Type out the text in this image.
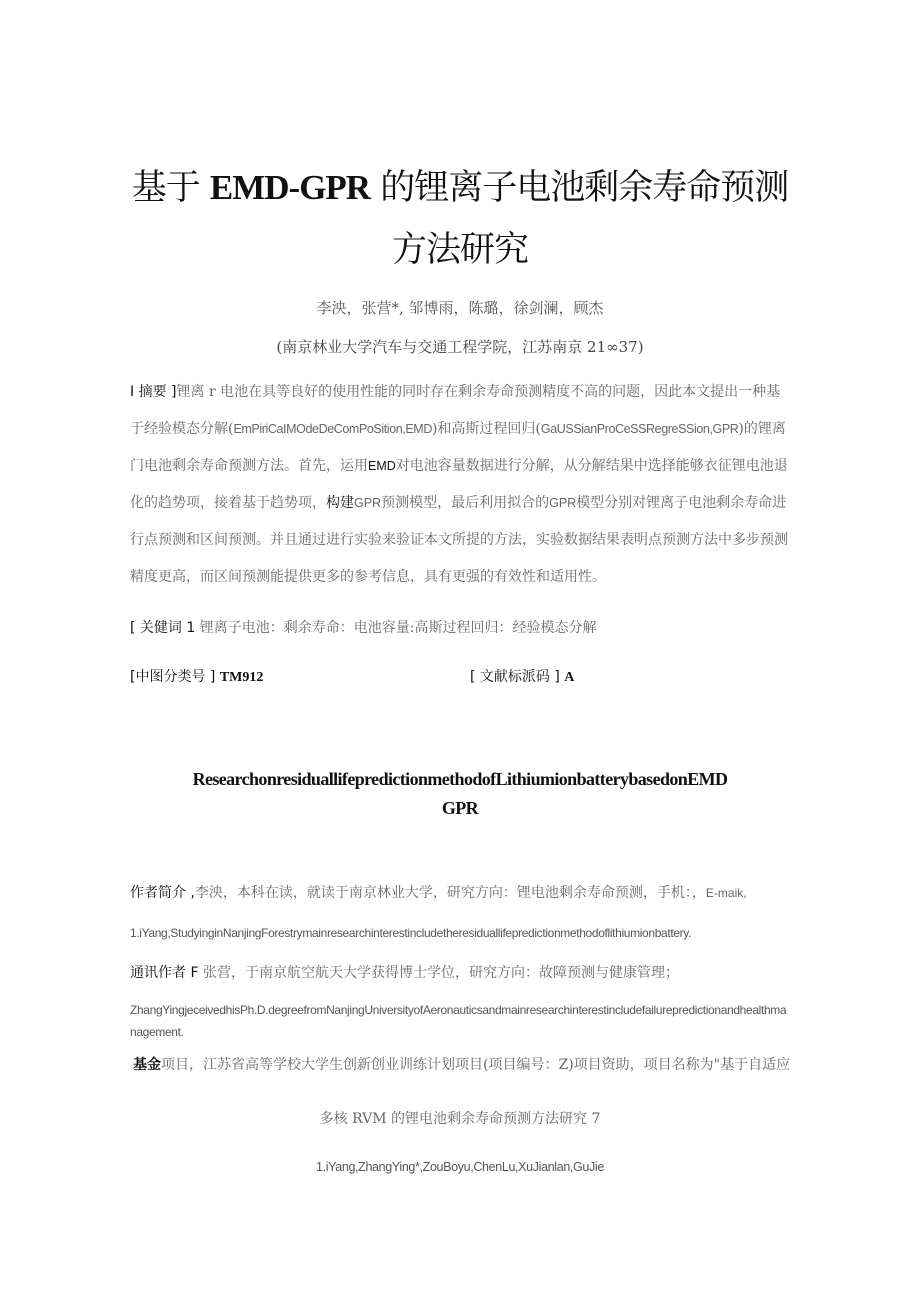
基于 EMD-GPR 的锂离子电池剩余寿命预测
方法研究
李泱，张营*, 邹博雨，陈璐，徐剑澜，顾杰
(南京林业大学汽车与交通工程学院，江苏南京 21∞37)
I 摘要 ]锂离 r 电池在具等良好的使用性能的同时存在剩余寿命预测精度不高的问题，因此本文提出一种基于经验模态分解(EmPiriCaIMOdeDeComPoSition,EMD)和高斯过程回归(GaUSSianProCeSSRegreSSion,GPR)的锂离门电池剩余寿命预测方法。首先，运用EMD对电池容量数据进行分解，从分解结果中选择能够衣征锂电池退化的趋势项，接着基于趋势项，构建GPR预测模型，最后利用拟合的GPR模型分别对锂离子电池剩余寿命进行点预测和区间预测。并且通过进行实验来验证本文所提的方法，实验数据结果表明点预测方法中多步预测精度更高，而区间预测能提供更多的参考信息，具有更强的有效性和适用性。
[ 关健词 1 锂离子电池：剩余寿命：电池容量:高斯过程回归：经验模态分解
[中图分类号 ] TM912	[ 文献标派码 ] A
ResearchonresiduallifepredictionmethodofLithiumionbatterybasedonEMD
GPR
作者简介 ,李泱，本科在读，就读于南京林业大学，研究方向：锂电池剩余寿命预测，手机：，E-maik,
1.iYang,StudyinginNanjingForestrymainresearchinterestincludetheresiduallifepredictionmethodoflithiumionbattery.
通讯作者 F 张营，于南京航空航天大学获得博士学位，研究方向：故障预测与健康管理；
ZhangYingjeceivedhisPh.D.degreefromNanjingUniversityofAeronauticsandmainresearchinterestincludefailurepredictionandhealthmanagement.
基金项目，江苏省高等学校大学生创新创业训练计划项目(项目编号：Z)项目资助，项目名称为"基于自适应
多核 RVM 的锂电池剩余寿命预测方法研究 7
1.iYang,ZhangYing*,ZouBoyu,ChenLu,XuJianlan,GuJie
